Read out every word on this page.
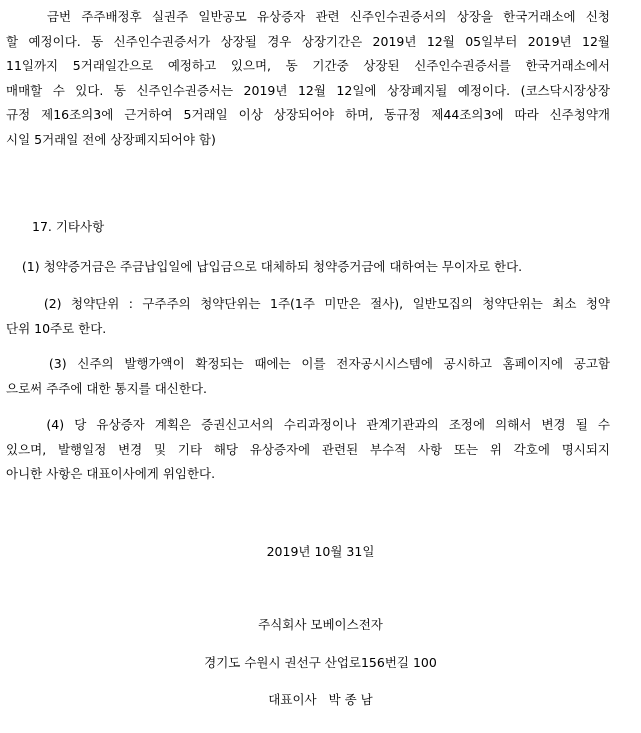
금번 주주배정후 실권주 일반공모 유상증자 관련 신주인수권증서의 상장을 한국거래소에 신청
할 예정이다. 동 신주인수권증서가 상장될 경우 상장기간은 2019년 12월 05일부터 2019년 12월
11일까지 5거래일간으로 예정하고 있으며, 동 기간중 상장된 신주인수권증서를 한국거래소에서
매매할 수 있다. 동 신주인수권증서는 2019년 12월 12일에 상장폐지될 예정이다. (코스닥시장상장
규정 제16조의3에 근거하여 5거래일 이상 상장되어야 하며, 동규정 제44조의3에 따라 신주청약개
시일 5거래일 전에 상장폐지되어야 함)
17. 기타사항
(1) 청약증거금은 주금납입일에 납입금으로 대체하되 청약증거금에 대하여는 무이자로 한다.
(2) 청약단위 : 구주주의 청약단위는 1주(1주 미만은 절사), 일반모집의 청약단위는 최소 청약
단위 10주로 한다.
(3) 신주의 발행가액이 확정되는 때에는 이를 전자공시시스템에 공시하고 홈페이지에 공고함
으로써 주주에 대한 통지를 대신한다.
(4) 당 유상증자 계획은 증권신고서의 수리과정이나 관계기관과의 조정에 의해서 변경 될 수
있으며, 발행일정 변경 및 기타 해당 유상증자에 관련된 부수적 사항 또는 위 각호에 명시되지
아니한 사항은 대표이사에게 위임한다.
2019년 10월 31일
주식회사 모베이스전자
경기도 수원시 권선구 산업로156번길 100
대표이사   박 종 남
